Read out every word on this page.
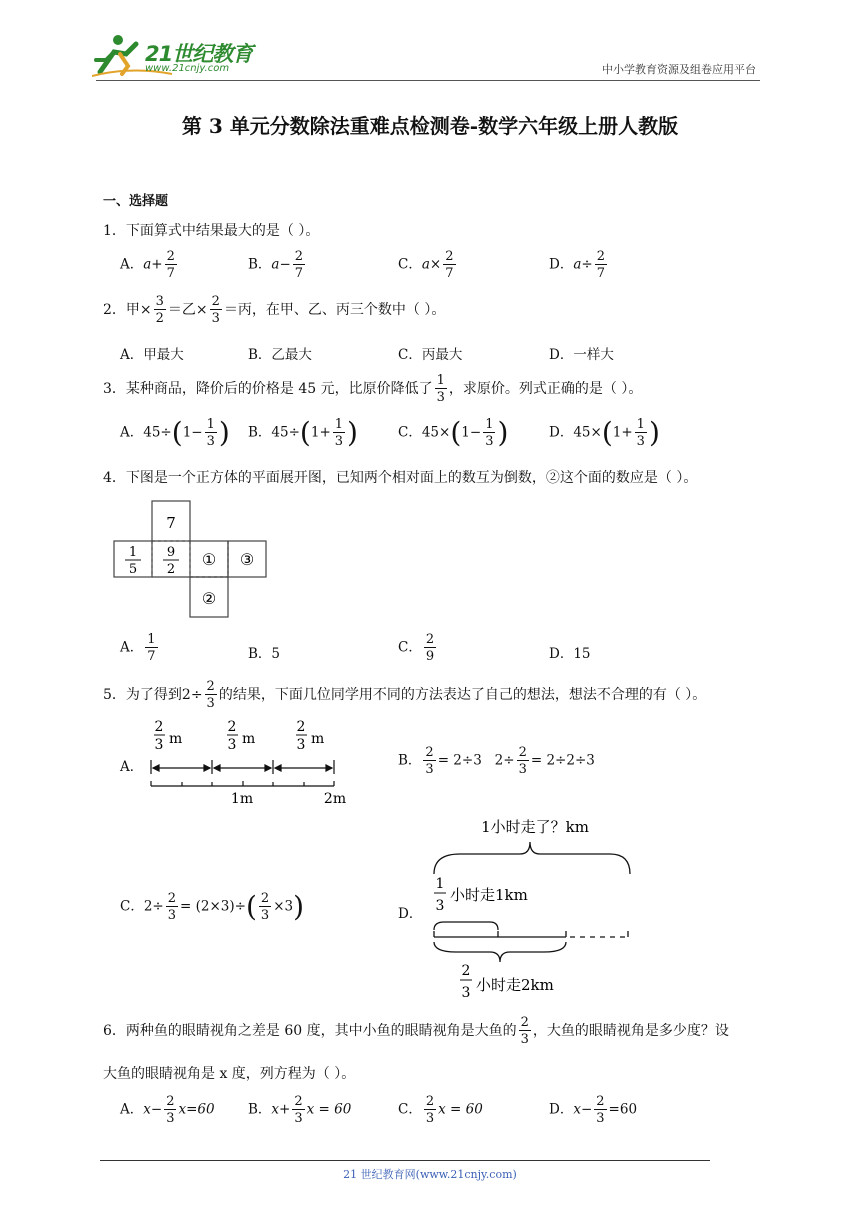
21世纪教育
www.21cnjy.com	中小学教育资源及组卷应用平台
第 3 单元分数除法重难点检测卷-数学六年级上册人教版
一、选择题
1．下面算式中结果最大的是（ ）。
A．$a+ \frac{2}{7}$	B．$a- \frac{2}{7}$	C．$a\times \frac{2}{7}$	D．$a\div \frac{2}{7}$
2．甲× $\frac{3}{2}$ ＝乙× $\frac{2}{3}$ ＝丙，在甲、乙、丙三个数中（ ）。
A．甲最大	B．乙最大	C．丙最大	D．一样大
3．某种商品，降价后的价格是 45 元，比原价降低了 $\frac{1}{3}$ ，求原价。列式正确的是（ ）。
A．$45\div(1- \frac{1}{3}$ ) B．$45\div(1+ \frac{1}{3}$ )	C．$45\times(1- \frac{1}{3}$ )	D．$45\times(1+ \frac{1}{3}$ )
4．下图是一个正方体的平面展开图，已知两个相对面上的数互为倒数，②这个面的数应是（ ）。
7
1
5
9
2
① ③
②
A． $\frac{1}{7}$	B．5	C． $\frac{2}{9}$	D．15
5．为了得到$2\div \frac{2}{3}$ 的结果，下面几位同学用不同的方法表达了自己的想法，想法不合理的有（ ）。
A．
2
3 m
2
3 m
2
3 m
1m	2m
B． $\frac{2}{3} = 2\div 3$ $2\div \frac{2}{3} = 2\div 2\div 3$
C．$2\div \frac{2}{3} = (2\times 3)\div( \frac{2}{3} \times 3)$	D．
1小时走了？km
1
3
小时走1km
2
3 小时走2km
6．两种鱼的眼睛视角之差是 60 度，其中小鱼的眼睛视角是大鱼的 $\frac{2}{3}$ ，大鱼的眼睛视角是多少度？设
大鱼的眼睛视角是 x 度，列方程为（ ）。
A．$x- \frac{2}{3} x=60$ B．$x+ \frac{2}{3}$ x = 60	C． $\frac{2}{3}$ x = 60	D．$x- \frac{2}{3} =60$
21 世纪教育网(www.21cnjy.com)
